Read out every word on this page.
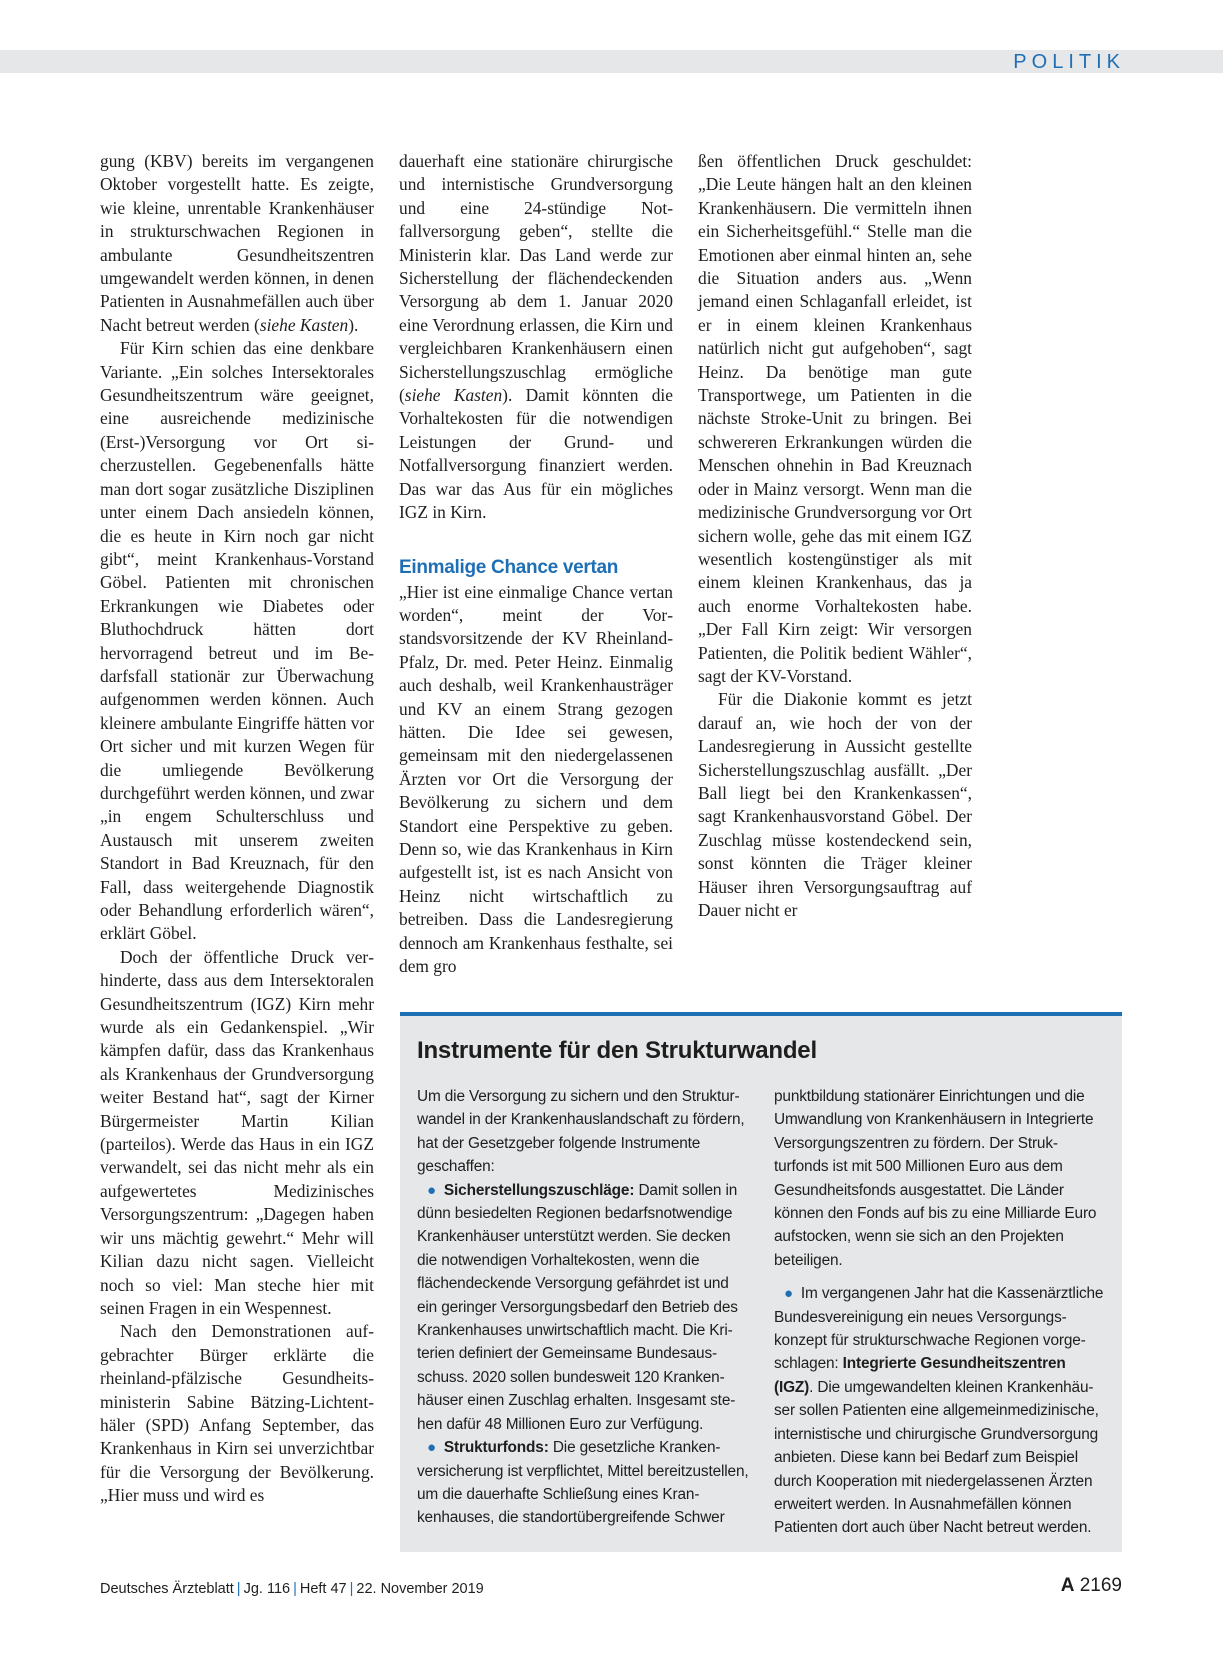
POLITIK

gung (KBV) bereits im vergangenen Oktober vorgestellt hatte. Es zeigte, wie kleine, unrentable Krankenhäuser in strukturschwachen Regionen in ambulante Gesundheitszentren umgewandelt werden können, in denen Patienten in Ausnahmefällen auch über Nacht betreut werden (siehe Kasten).

Für Kirn schien das eine denkbare Variante. „Ein solches Intersektorales Gesundheitszentrum wäre geeignet, eine ausreichende medizinische (Erst-)Versorgung vor Ort sicherzustellen. Gegebenenfalls hätte man dort sogar zusätzliche Disziplinen unter einem Dach ansiedeln können, die es heute in Kirn noch gar nicht gibt“, meint Krankenhaus-Vorstand Göbel. Patienten mit chronischen Erkrankungen wie Diabetes oder Bluthochdruck hätten dort hervorragend betreut und im Bedarfsfall stationär zur Überwachung aufgenommen werden können. Auch kleinere ambulante Eingriffe hätten vor Ort sicher und mit kurzen Wegen für die umliegende Bevölkerung durchgeführt werden können, und zwar „in engem Schulterschluss und Austausch mit unserem zweiten Standort in Bad Kreuznach, für den Fall, dass weitergehende Diagnostik oder Behandlung erforderlich wären“, erklärt Göbel.

Doch der öffentliche Druck verhinderte, dass aus dem Intersektoralen Gesundheitszentrum (IGZ) Kirn mehr wurde als ein Gedankenspiel. „Wir kämpfen dafür, dass das Krankenhaus als Krankenhaus der Grundversorgung weiter Bestand hat“, sagt der Kirner Bürgermeister Martin Kilian (parteilos). Werde das Haus in ein IGZ verwandelt, sei das nicht mehr als ein aufgewertetes Medizinisches Versorgungszentrum: „Dagegen haben wir uns mächtig gewehrt.“ Mehr will Kilian dazu nicht sagen. Vielleicht noch so viel: Man steche hier mit seinen Fragen in ein Wespennest.

Nach den Demonstrationen aufgebrachter Bürger erklärte die rheinland-pfälzische Gesundheitsministerin Sabine Bätzing-Lichtenthäler (SPD) Anfang September, das Krankenhaus in Kirn sei unverzichtbar für die Versorgung der Bevölkerung. „Hier muss und wird es

dauerhaft eine stationäre chirurgische und internistische Grundversorgung und eine 24-stündige Notfallversorgung geben“, stellte die Ministerin klar. Das Land werde zur Sicherstellung der flächendeckenden Versorgung ab dem 1. Januar 2020 eine Verordnung erlassen, die Kirn und vergleichbaren Krankenhäusern einen Sicherstellungszuschlag ermögliche (siehe Kasten). Damit könnten die Vorhaltekosten für die notwendigen Leistungen der Grund- und Notfallversorgung finanziert werden. Das war das Aus für ein mögliches IGZ in Kirn.

Einmalige Chance vertan

„Hier ist eine einmalige Chance vertan worden“, meint der Vorstandsvorsitzende der KV Rheinland-Pfalz, Dr. med. Peter Heinz. Einmalig auch deshalb, weil Krankenhausträger und KV an einem Strang gezogen hätten. Die Idee sei gewesen, gemeinsam mit den niedergelassenen Ärzten vor Ort die Versorgung der Bevölkerung zu sichern und dem Standort eine Perspektive zu geben. Denn so, wie das Krankenhaus in Kirn aufgestellt ist, ist es nach Ansicht von Heinz nicht wirtschaftlich zu betreiben. Dass die Landesregierung dennoch am Krankenhaus festhalte, sei dem gro

ßen öffentlichen Druck geschuldet: „Die Leute hängen halt an den kleinen Krankenhäusern. Die vermitteln ihnen ein Sicherheitsgefühl.“ Stelle man die Emotionen aber einmal hinten an, sehe die Situation anders aus. „Wenn jemand einen Schlaganfall erleidet, ist er in einem kleinen Krankenhaus natürlich nicht gut aufgehoben“, sagt Heinz. Da benötige man gute Transportwege, um Patienten in die nächste Stroke-Unit zu bringen. Bei schwereren Erkrankungen würden die Menschen ohnehin in Bad Kreuznach oder in Mainz versorgt. Wenn man die medizinische Grundversorgung vor Ort sichern wolle, gehe das mit einem IGZ wesentlich kostengünstiger als mit einem kleinen Krankenhaus, das ja auch enorme Vorhaltekosten habe. „Der Fall Kirn zeigt: Wir versorgen Patienten, die Politik bedient Wähler“, sagt der KV-Vorstand.

Für die Diakonie kommt es jetzt darauf an, wie hoch der von der Landesregierung in Aussicht gestellte Sicherstellungszuschlag ausfällt. „Der Ball liegt bei den Krankenkassen“, sagt Krankenhausvorstand Göbel. Der Zuschlag müsse kostendeckend sein, sonst könnten die Träger kleiner Häuser ihren Versorgungsauftrag auf Dauer nicht er

Instrumente für den Strukturwandel

Um die Versorgung zu sichern und den Strukturwandel in der Krankenhauslandschaft zu fördern, hat der Gesetzgeber folgende Instrumente geschaffen:

● Sicherstellungszuschläge: Damit sollen in dünn besiedelten Regionen bedarfsnotwendige Krankenhäuser unterstützt werden. Sie decken die notwendigen Vorhaltekosten, wenn die flächendeckende Versorgung gefährdet ist und ein geringer Versorgungsbedarf den Betrieb des Krankenhauses unwirtschaftlich macht. Die Kriterien definiert der Gemeinsame Bundesausschuss. 2020 sollen bundesweit 120 Krankenhäuser einen Zuschlag erhalten. Insgesamt stehen dafür 48 Millionen Euro zur Verfügung.

● Strukturfonds: Die gesetzliche Krankenversicherung ist verpflichtet, Mittel bereitzustellen, um die dauerhafte Schließung eines Krankenhauses, die standortübergreifende Schwer

punktbildung stationärer Einrichtungen und die Umwandlung von Krankenhäusern in Integrierte Versorgungszentren zu fördern. Der Strukturfonds ist mit 500 Millionen Euro aus dem Gesundheitsfonds ausgestattet. Die Länder können den Fonds auf bis zu eine Milliarde Euro aufstocken, wenn sie sich an den Projekten beteiligen.

● Im vergangenen Jahr hat die Kassenärztliche Bundesvereinigung ein neues Versorgungskonzept für strukturschwache Regionen vorgeschlagen: Integrierte Gesundheitszentren (IGZ). Die umgewandelten kleinen Krankenhäuser sollen Patienten eine allgemeinmedizinische, internistische und chirurgische Grundversorgung anbieten. Diese kann bei Bedarf zum Beispiel durch Kooperation mit niedergelassenen Ärzten erweitert werden. In Ausnahmefällen können Patienten dort auch über Nacht betreut werden.

Deutsches Ärzteblatt | Jg. 116 | Heft 47 | 22. November 2019	A 2169
